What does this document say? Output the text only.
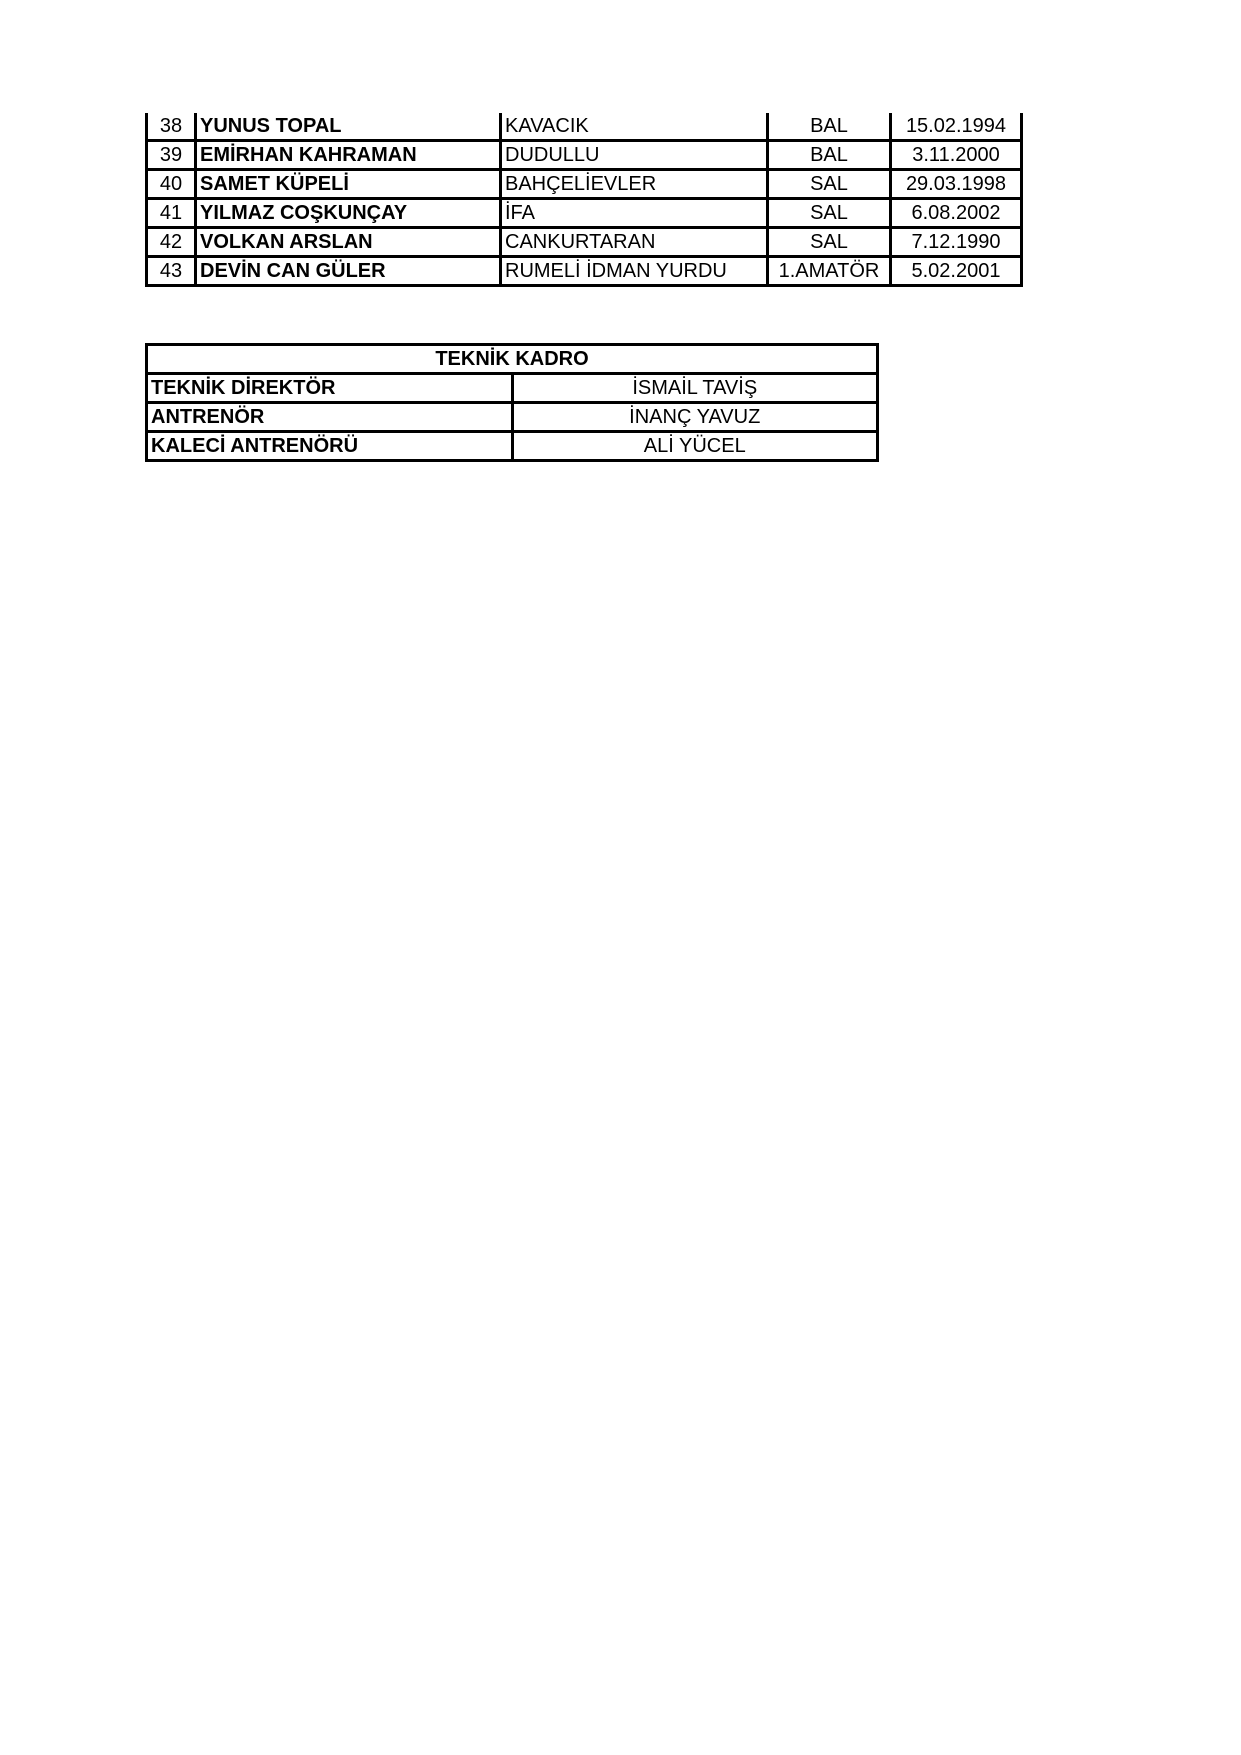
38	YUNUS TOPAL	KAVACIK	BAL	15.02.1994
39	EMİRHAN KAHRAMAN	DUDULLU	BAL	3.11.2000
40	SAMET KÜPELİ	BAHÇELİEVLER	SAL	29.03.1998
41	YILMAZ COŞKUNÇAY	İFA	SAL	6.08.2002
42	VOLKAN ARSLAN	CANKURTARAN	SAL	7.12.1990
43	DEVİN CAN GÜLER	RUMELİ İDMAN YURDU	1.AMATÖR	5.02.2001
TEKNİK KADRO	
TEKNİK DİREKTÖR	İSMAİL TAVİŞ
ANTRENÖR	İNANÇ YAVUZ
KALECİ ANTRENÖRÜ	ALİ YÜCEL
